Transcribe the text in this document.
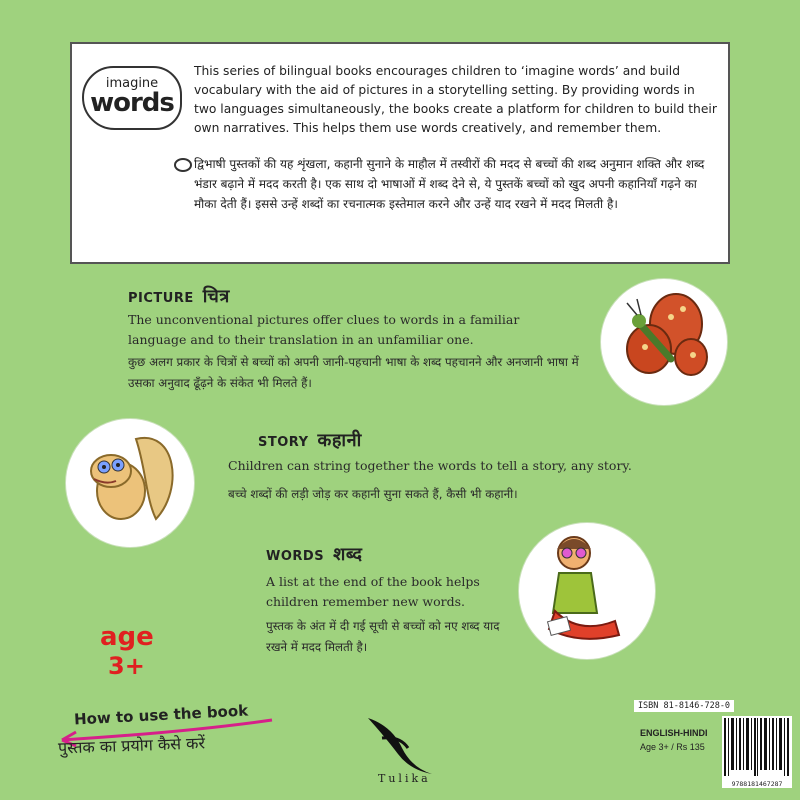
imagine
words
This series of bilingual books encourages children to ‘imagine words’ and build vocabulary with the aid of pictures in a storytelling setting. By providing words in two languages simultaneously, the books create a platform for children to build their own narratives. This helps them use words creatively, and remember them.
द्विभाषी पुस्तकों की यह शृंखला, कहानी सुनाने के माहौल में तस्वीरों की मदद से बच्चों की शब्द अनुमान शक्ति और शब्द भंडार बढ़ाने में मदद करती है। एक साथ दो भाषाओं में शब्द देने से, ये पुस्तकें बच्चों को खुद अपनी कहानियाँ गढ़ने का मौका देती हैं। इससे उन्हें शब्दों का रचनात्मक इस्तेमाल करने और उन्हें याद रखने में मदद मिलती है।
PICTURE चित्र
The unconventional pictures offer clues to words in a familiar language and to their translation in an unfamiliar one.
कुछ अलग प्रकार के चित्रों से बच्चों को अपनी जानी-पहचानी भाषा के शब्द पहचानने और अनजानी भाषा में उसका अनुवाद ढूँढ़ने के संकेत भी मिलते हैं।
STORY कहानी
Children can string together the words to tell a story, any story.
बच्चे शब्दों की लड़ी जोड़ कर कहानी सुना सकते हैं, कैसी भी कहानी।
WORDS शब्द
A list at the end of the book helps children remember new words.
पुस्तक के अंत में दी गई सूची से बच्चों को नए शब्द याद रखने में मदद मिलती है।
age
3+
How to use the book
पुस्तक का प्रयोग कैसे करें
Tulika
ISBN 81-8146-728-0
ENGLISH-HINDI
Age 3+ / Rs 135
9788181467287
